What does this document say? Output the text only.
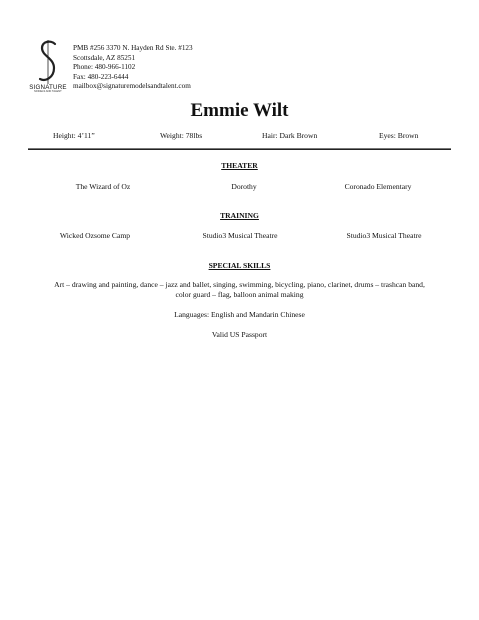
SIGNATURE
MODELS AND TALENT
PMB #256 3370 N. Hayden Rd Ste. #123
Scottsdale, AZ 85251
Phone: 480-966-1102
Fax: 480-223-6444
mailbox@signaturemodelsandtalent.com
Emmie Wilt
Height: 4’11”	Weight: 78lbs	Hair: Dark Brown	Eyes: Brown
THEATER
The Wizard of Oz	Dorothy	Coronado Elementary
TRAINING
Wicked Ozsome Camp	Studio3 Musical Theatre	Studio3 Musical Theatre
SPECIAL SKILLS
Art – drawing and painting, dance – jazz and ballet, singing, swimming, bicycling, piano, clarinet, drums – trashcan band,
color guard – flag, balloon animal making
Languages: English and Mandarin Chinese
Valid US Passport
